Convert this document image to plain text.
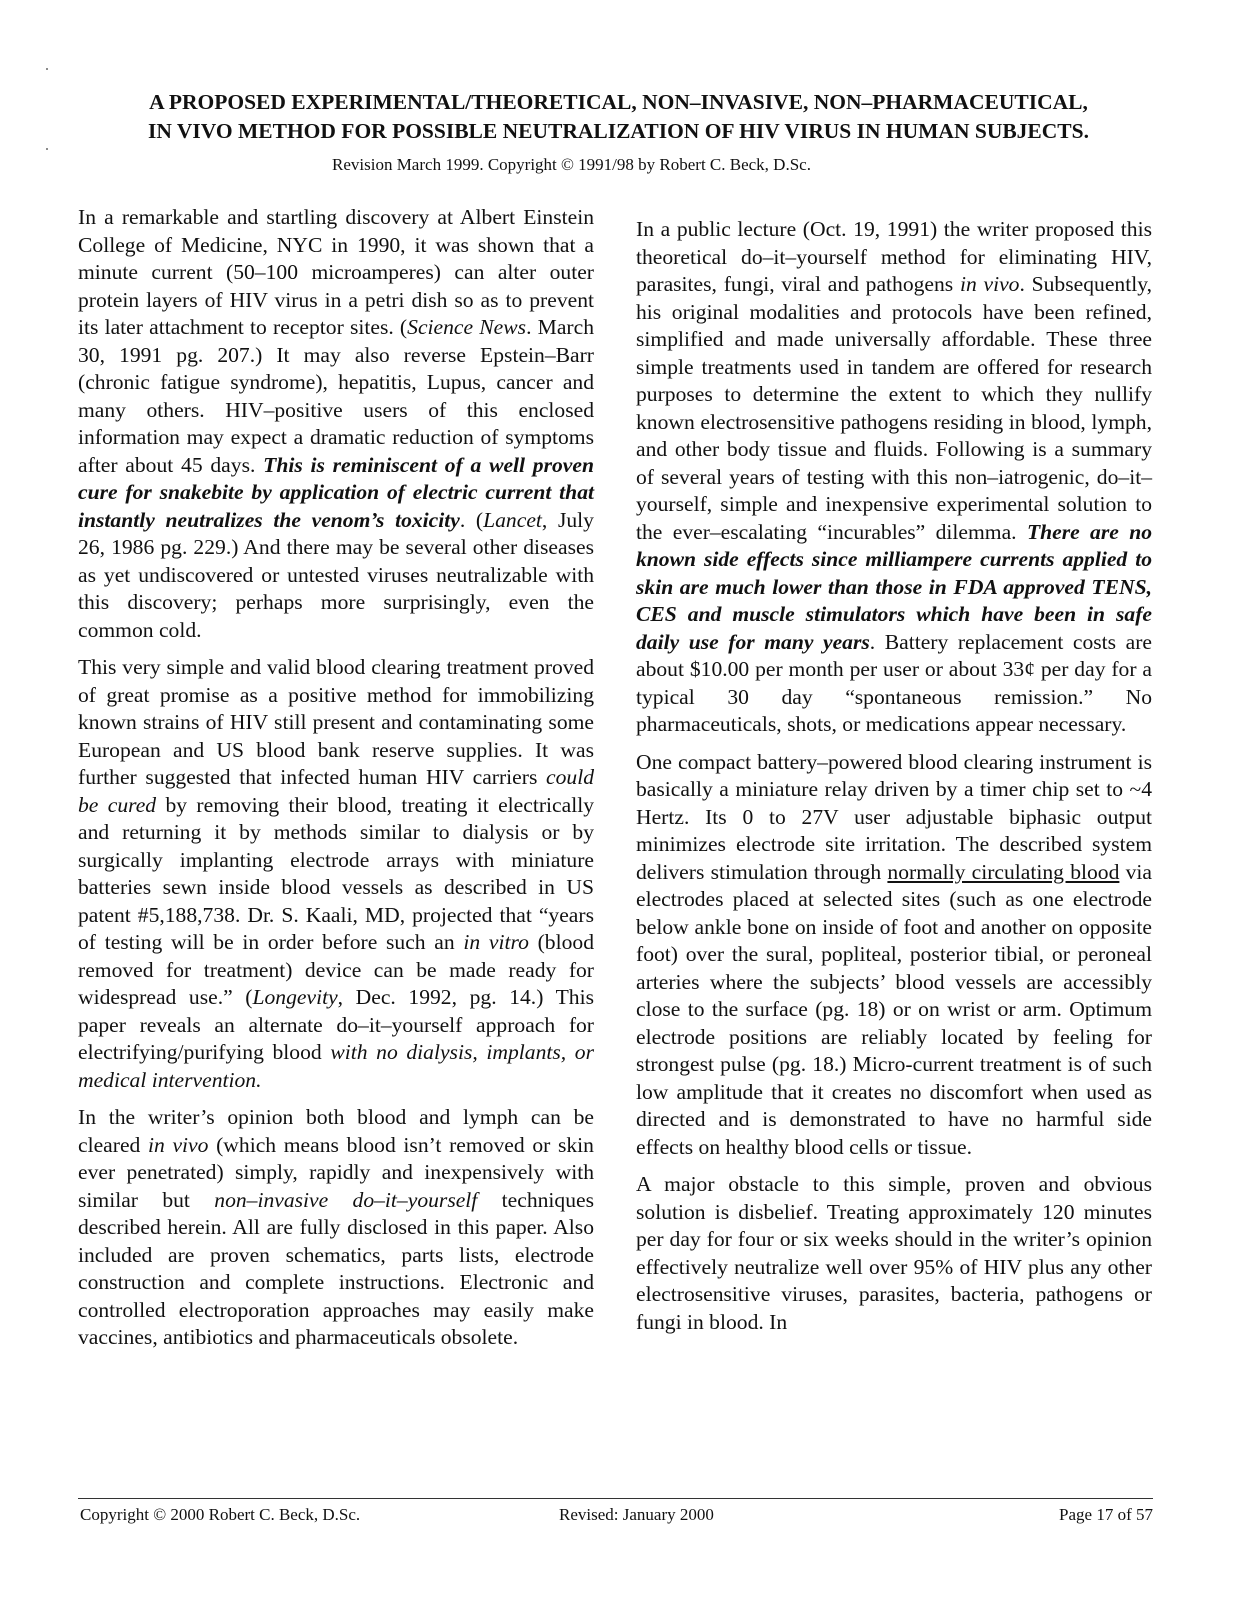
A PROPOSED EXPERIMENTAL/THEORETICAL, NON–INVASIVE, NON–PHARMACEUTICAL,
IN VIVO METHOD FOR POSSIBLE NEUTRALIZATION OF HIV VIRUS IN HUMAN SUBJECTS.
Revision March 1999. Copyright © 1991/98 by Robert C. Beck, D.Sc.

In a remarkable and startling discovery at Albert Einstein College of Medicine, NYC in 1990, it was shown that a minute current (50–100 microamperes) can alter outer protein layers of HIV virus in a petri dish so as to prevent its later attachment to receptor sites. (Science News. March 30, 1991 pg. 207.) It may also reverse Epstein–Barr (chronic fatigue syndrome), hepatitis, Lupus, cancer and many others. HIV–positive users of this enclosed information may expect a dramatic reduction of symptoms after about 45 days. This is reminiscent of a well proven cure for snakebite by application of electric current that instantly neutralizes the venom’s toxicity. (Lancet, July 26, 1986 pg. 229.) And there may be several other diseases as yet undiscovered or untested viruses neutralizable with this discovery; perhaps more surprisingly, even the common cold.

This very simple and valid blood clearing treatment proved of great promise as a positive method for immobilizing known strains of HIV still present and contaminating some European and US blood bank reserve supplies. It was further suggested that infected human HIV carriers could be cured by removing their blood, treating it electrically and returning it by methods similar to dialysis or by surgically implanting electrode arrays with miniature batteries sewn inside blood vessels as described in US patent #5,188,738. Dr. S. Kaali, MD, projected that “years of testing will be in order before such an in vitro (blood removed for treatment) device can be made ready for widespread use.” (Longevity, Dec. 1992, pg. 14.) This paper reveals an alternate do–it–yourself approach for electrifying/purifying blood with no dialysis, implants, or medical intervention.

In the writer’s opinion both blood and lymph can be cleared in vivo (which means blood isn’t removed or skin ever penetrated) simply, rapidly and inexpensively with similar but non–invasive do–it–yourself techniques described herein. All are fully disclosed in this paper. Also included are proven schematics, parts lists, electrode construction and complete instructions. Electronic and controlled electroporation approaches may easily make vaccines, antibiotics and pharmaceuticals obsolete.

In a public lecture (Oct. 19, 1991) the writer proposed this theoretical do–it–yourself method for eliminating HIV, parasites, fungi, viral and pathogens in vivo. Subsequently, his original modalities and protocols have been refined, simplified and made universally affordable. These three simple treatments used in tandem are offered for research purposes to determine the extent to which they nullify known electrosensitive pathogens residing in blood, lymph, and other body tissue and fluids. Following is a summary of several years of testing with this non–iatrogenic, do–it–yourself, simple and inexpensive experimental solution to the ever–escalating “incurables” dilemma. There are no known side effects since milliampere currents applied to skin are much lower than those in FDA approved TENS, CES and muscle stimulators which have been in safe daily use for many years. Battery replacement costs are about $10.00 per month per user or about 33¢ per day for a typical 30 day “spontaneous remission.” No pharmaceuticals, shots, or medications appear necessary.

One compact battery–powered blood clearing instrument is basically a miniature relay driven by a timer chip set to ~4 Hertz. Its 0 to 27V user adjustable biphasic output minimizes electrode site irritation. The described system delivers stimulation through normally circulating blood via electrodes placed at selected sites (such as one electrode below ankle bone on inside of foot and another on opposite foot) over the sural, popliteal, posterior tibial, or peroneal arteries where the subjects’ blood vessels are accessibly close to the surface (pg. 18) or on wrist or arm. Optimum electrode positions are reliably located by feeling for strongest pulse (pg. 18.) Micro-current treatment is of such low amplitude that it creates no discomfort when used as directed and is demonstrated to have no harmful side effects on healthy blood cells or tissue.

A major obstacle to this simple, proven and obvious solution is disbelief. Treating approximately 120 minutes per day for four or six weeks should in the writer’s opinion effectively neutralize well over 95% of HIV plus any other electrosensitive viruses, parasites, bacteria, pathogens or fungi in blood. In

Copyright © 2000 Robert C. Beck, D.Sc.	Revised: January 2000	Page 17 of 57
